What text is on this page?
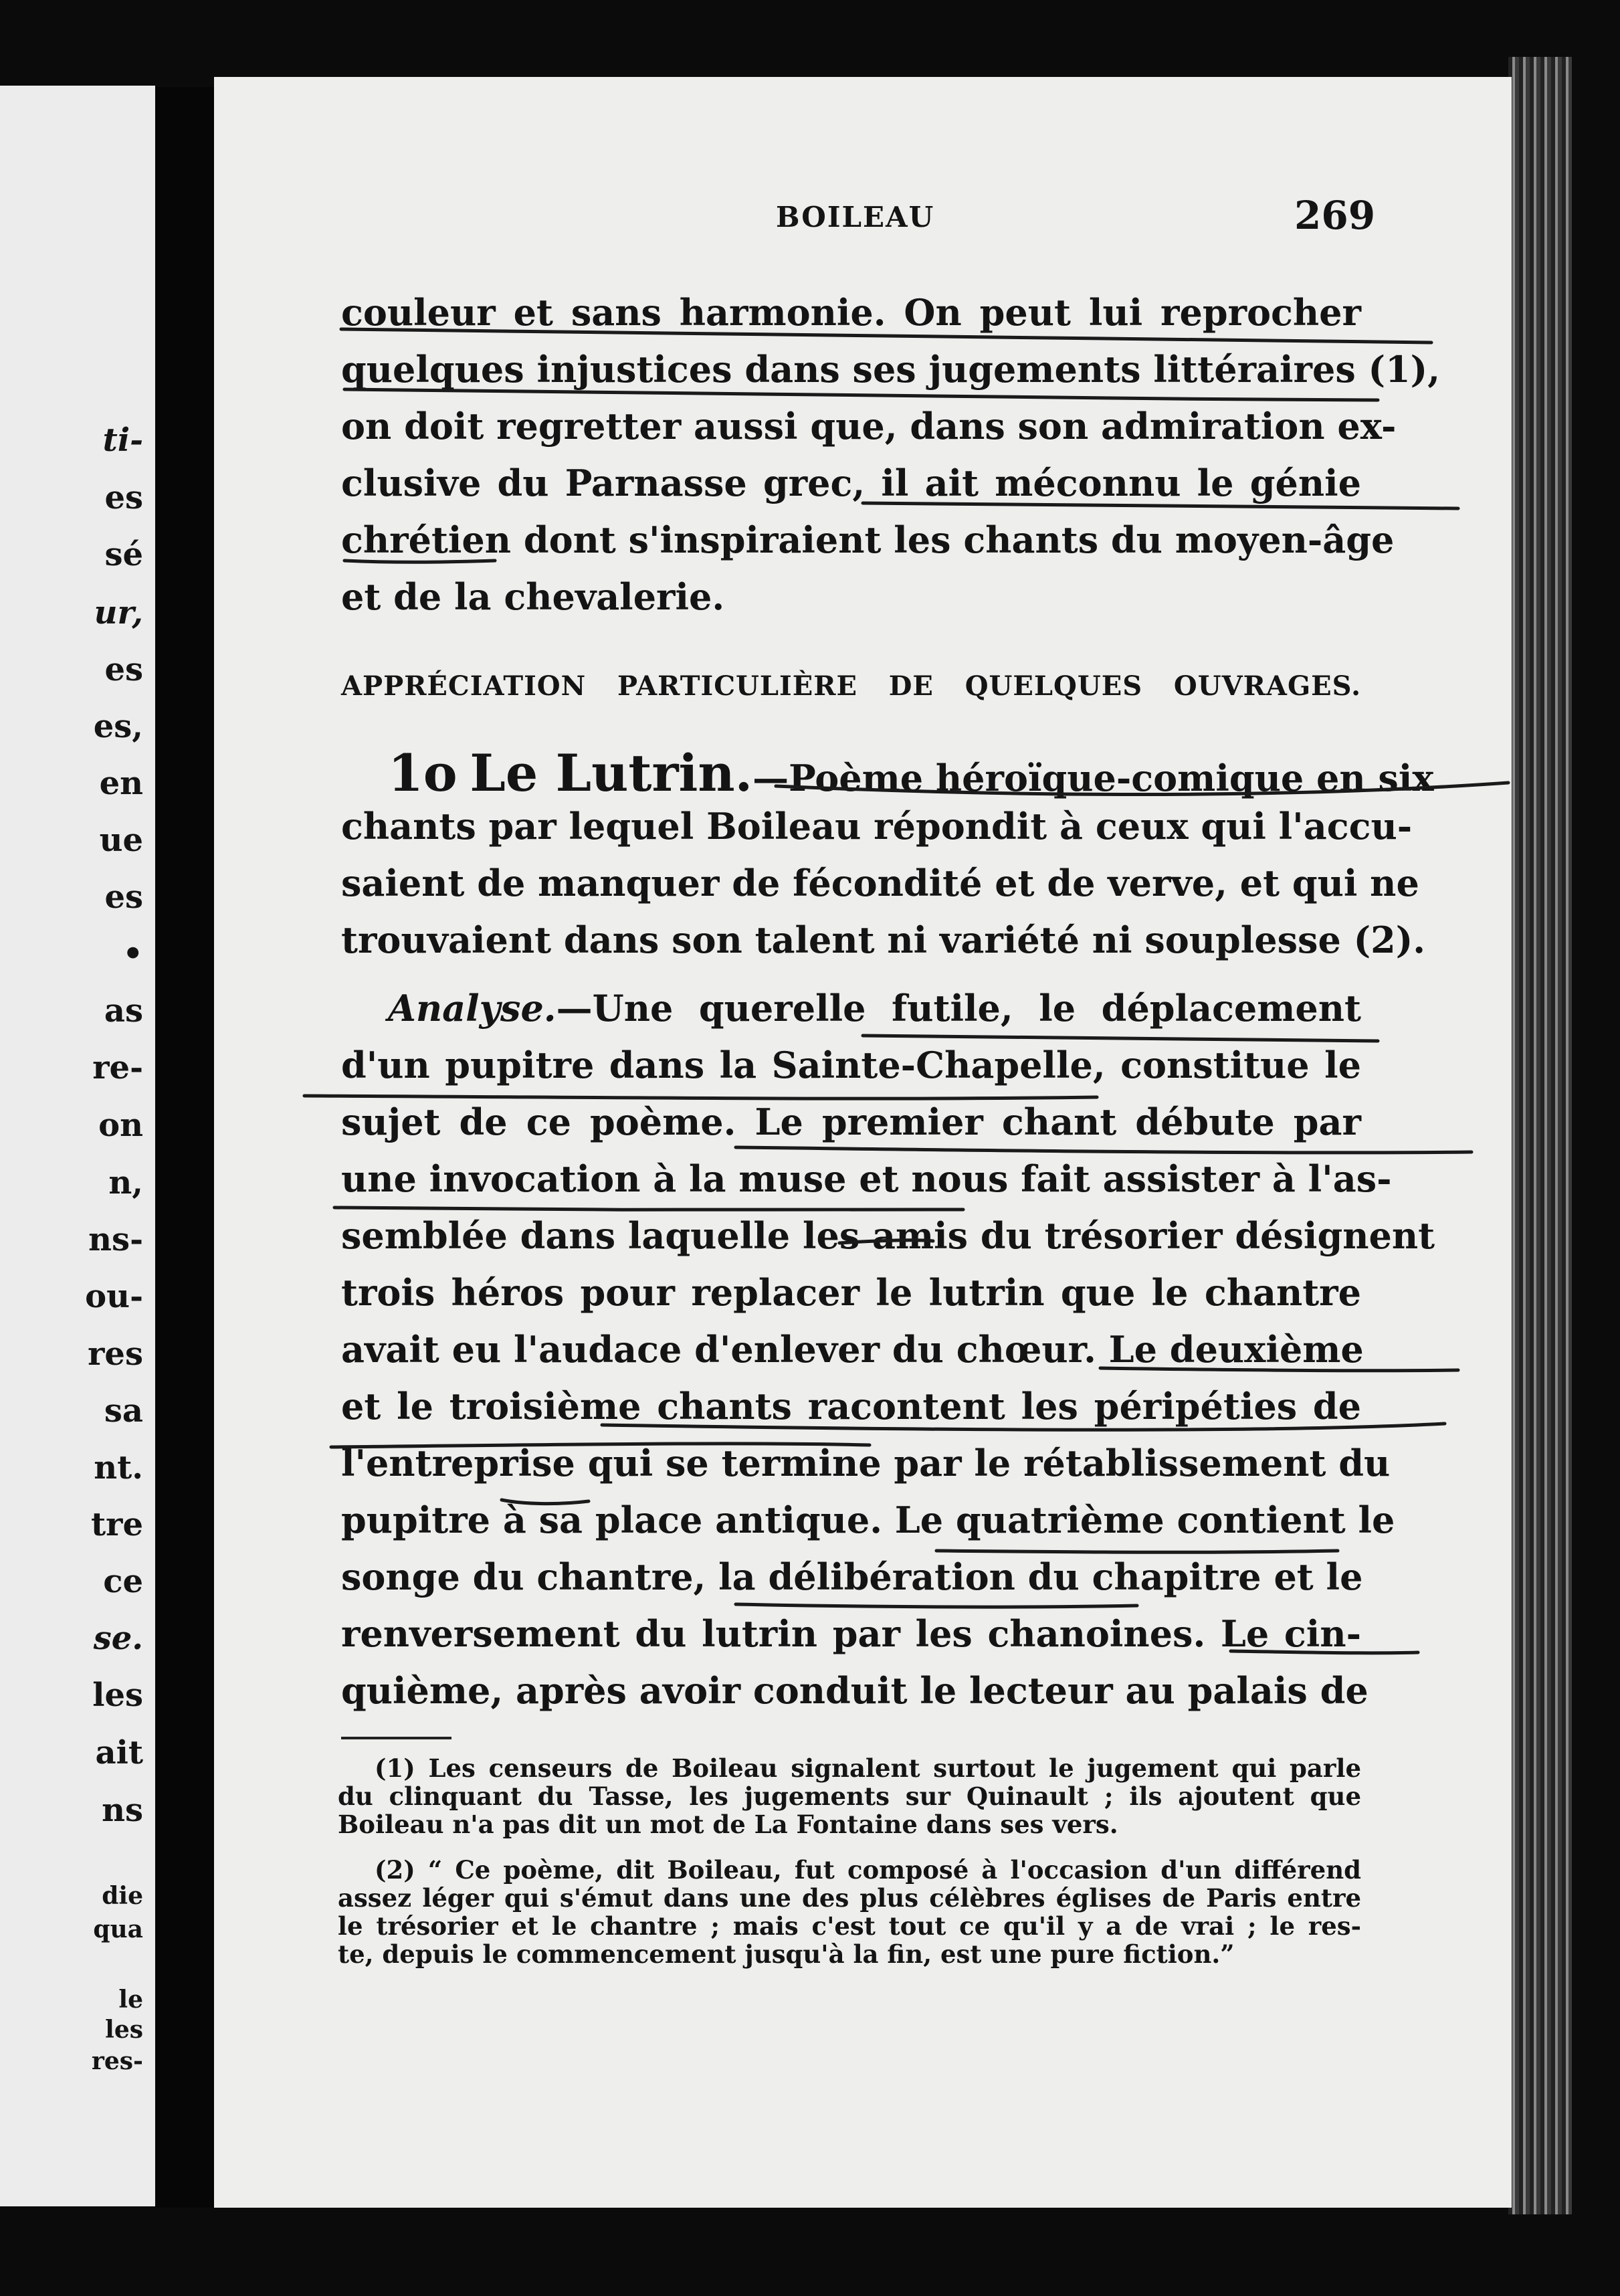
ti-
es
sé
ur,
es
es,
en
ue
es
•
as
re-
on
n,
ns-
ou-
res
sa
nt.
tre
ce
se.
les
ait
ns
die
qua
le
les
res-
BOILEAU	269

couleur et sans harmonie. On peut lui reprocher

quelques injustices dans ses jugements littéraires (1),

on doit regretter aussi que, dans son admiration ex-

clusive du Parnasse grec, il ait méconnu le génie

chrétien dont s'inspiraient les chants du moyen-âge

et de la chevalerie.

APPRÉCIATION PARTICULIÈRE DE QUELQUES OUVRAGES.

1o Le Lutrin.—Poème héroïque-comique en six

chants par lequel Boileau répondit à ceux qui l'accu-

saient de manquer de fécondité et de verve, et qui ne

trouvaient dans son talent ni variété ni souplesse (2).

Analyse.—Une querelle futile, le déplacement

d'un pupitre dans la Sainte-Chapelle, constitue le

sujet de ce poème. Le premier chant débute par

une invocation à la muse et nous fait assister à l'as-

semblée dans laquelle les amis du trésorier désignent

trois héros pour replacer le lutrin que le chantre

avait eu l'audace d'enlever du chœur. Le deuxième

et le troisième chants racontent les péripéties de

l'entreprise qui se termine par le rétablissement du

pupitre à sa place antique. Le quatrième contient le

songe du chantre, la délibération du chapitre et le

renversement du lutrin par les chanoines. Le cin-

quième, après avoir conduit le lecteur au palais de

(1) Les censeurs de Boileau signalent surtout le jugement qui parle

du clinquant du Tasse, les jugements sur Quinault ; ils ajoutent que

Boileau n'a pas dit un mot de La Fontaine dans ses vers.

(2) “ Ce poème, dit Boileau, fut composé à l'occasion d'un différend

assez léger qui s'émut dans une des plus célèbres églises de Paris entre

le trésorier et le chantre ; mais c'est tout ce qu'il y a de vrai ; le res-

te, depuis le commencement jusqu'à la fin, est une pure fiction.”
